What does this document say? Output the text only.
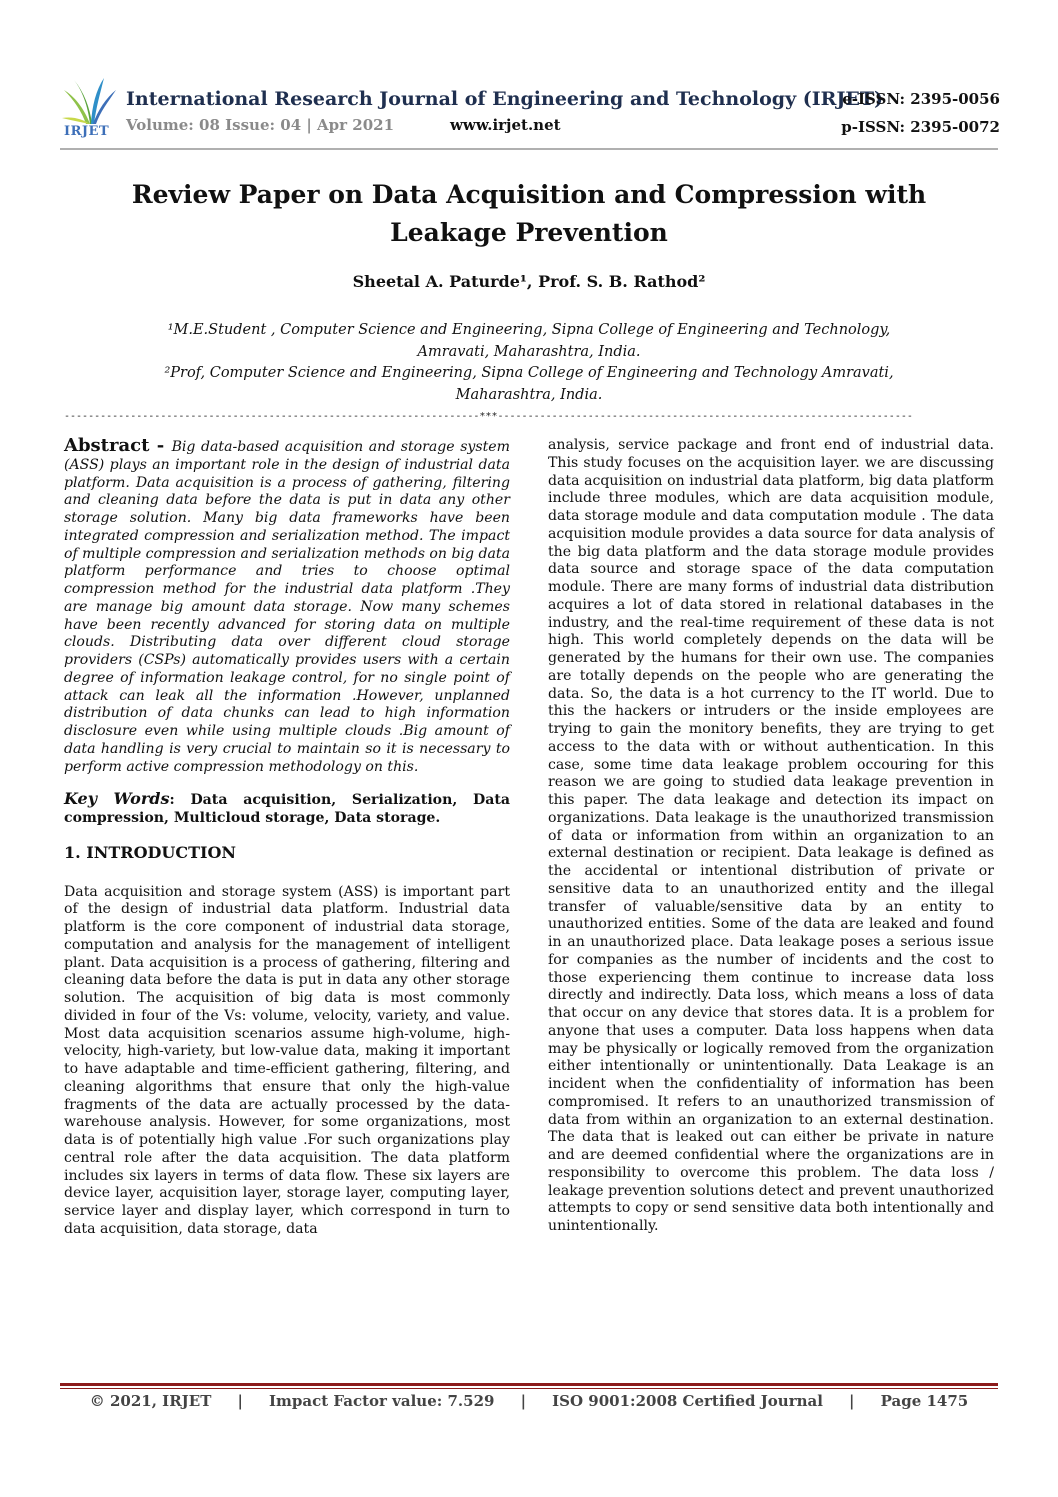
IRJET
International Research Journal of Engineering and Technology (IRJET)
e-ISSN: 2395-0056
Volume: 08 Issue: 04 | Apr 2021	www.irjet.net	p-ISSN: 2395-0072
Review Paper on Data Acquisition and Compression with Leakage Prevention
Sheetal A. Paturde¹, Prof. S. B. Rathod²
¹M.E.Student , Computer Science and Engineering, Sipna College of Engineering and Technology,
Amravati, Maharashtra, India.
²Prof, Computer Science and Engineering, Sipna College of Engineering and Technology Amravati,
Maharashtra, India.
---------------------------------------------------------------------***---------------------------------------------------------------------
Abstract - Big data-based acquisition and storage system (ASS) plays an important role in the design of industrial data platform. Data acquisition is a process of gathering, filtering and cleaning data before the data is put in data any other storage solution. Many big data frameworks have been integrated compression and serialization method. The impact of multiple compression and serialization methods on big data platform performance and tries to choose optimal compression method for the industrial data platform .They are manage big amount data storage. Now many schemes have been recently advanced for storing data on multiple clouds. Distributing data over different cloud storage providers (CSPs) automatically provides users with a certain degree of information leakage control, for no single point of attack can leak all the information .However, unplanned distribution of data chunks can lead to high information disclosure even while using multiple clouds .Big amount of data handling is very crucial to maintain so it is necessary to perform active compression methodology on this.
Key Words: Data acquisition, Serialization, Data compression, Multicloud storage, Data storage.
1. INTRODUCTION
Data acquisition and storage system (ASS) is important part of the design of industrial data platform. Industrial data platform is the core component of industrial data storage, computation and analysis for the management of intelligent plant. Data acquisition is a process of gathering, filtering and cleaning data before the data is put in data any other storage solution. The acquisition of big data is most commonly divided in four of the Vs: volume, velocity, variety, and value. Most data acquisition scenarios assume high-volume, high-velocity, high-variety, but low-value data, making it important to have adaptable and time-efficient gathering, filtering, and cleaning algorithms that ensure that only the high-value fragments of the data are actually processed by the data-warehouse analysis. However, for some organizations, most data is of potentially high value .For such organizations play central role after the data acquisition. The data platform includes six layers in terms of data flow. These six layers are device layer, acquisition layer, storage layer, computing layer, service layer and display layer, which correspond in turn to data acquisition, data storage, data
analysis, service package and front end of industrial data. This study focuses on the acquisition layer. we are discussing data acquisition on industrial data platform, big data platform include three modules, which are data acquisition module, data storage module and data computation module . The data acquisition module provides a data source for data analysis of the big data platform and the data storage module provides data source and storage space of the data computation module. There are many forms of industrial data distribution acquires a lot of data stored in relational databases in the industry, and the real-time requirement of these data is not high. This world completely depends on the data will be generated by the humans for their own use. The companies are totally depends on the people who are generating the data. So, the data is a hot currency to the IT world. Due to this the hackers or intruders or the inside employees are trying to gain the monitory benefits, they are trying to get access to the data with or without authentication. In this case, some time data leakage problem occouring for this reason we are going to studied data leakage prevention in this paper. The data leakage and detection its impact on organizations. Data leakage is the unauthorized transmission of data or information from within an organization to an external destination or recipient. Data leakage is defined as the accidental or intentional distribution of private or sensitive data to an unauthorized entity and the illegal transfer of valuable/sensitive data by an entity to unauthorized entities. Some of the data are leaked and found in an unauthorized place. Data leakage poses a serious issue for companies as the number of incidents and the cost to those experiencing them continue to increase data loss directly and indirectly. Data loss, which means a loss of data that occur on any device that stores data. It is a problem for anyone that uses a computer. Data loss happens when data may be physically or logically removed from the organization either intentionally or unintentionally. Data Leakage is an incident when the confidentiality of information has been compromised. It refers to an unauthorized transmission of data from within an organization to an external destination. The data that is leaked out can either be private in nature and are deemed confidential where the organizations are in responsibility to overcome this problem. The data loss / leakage prevention solutions detect and prevent unauthorized attempts to copy or send sensitive data both intentionally and unintentionally.
© 2021, IRJET     |     Impact Factor value: 7.529     |     ISO 9001:2008 Certified Journal     |     Page 1475
